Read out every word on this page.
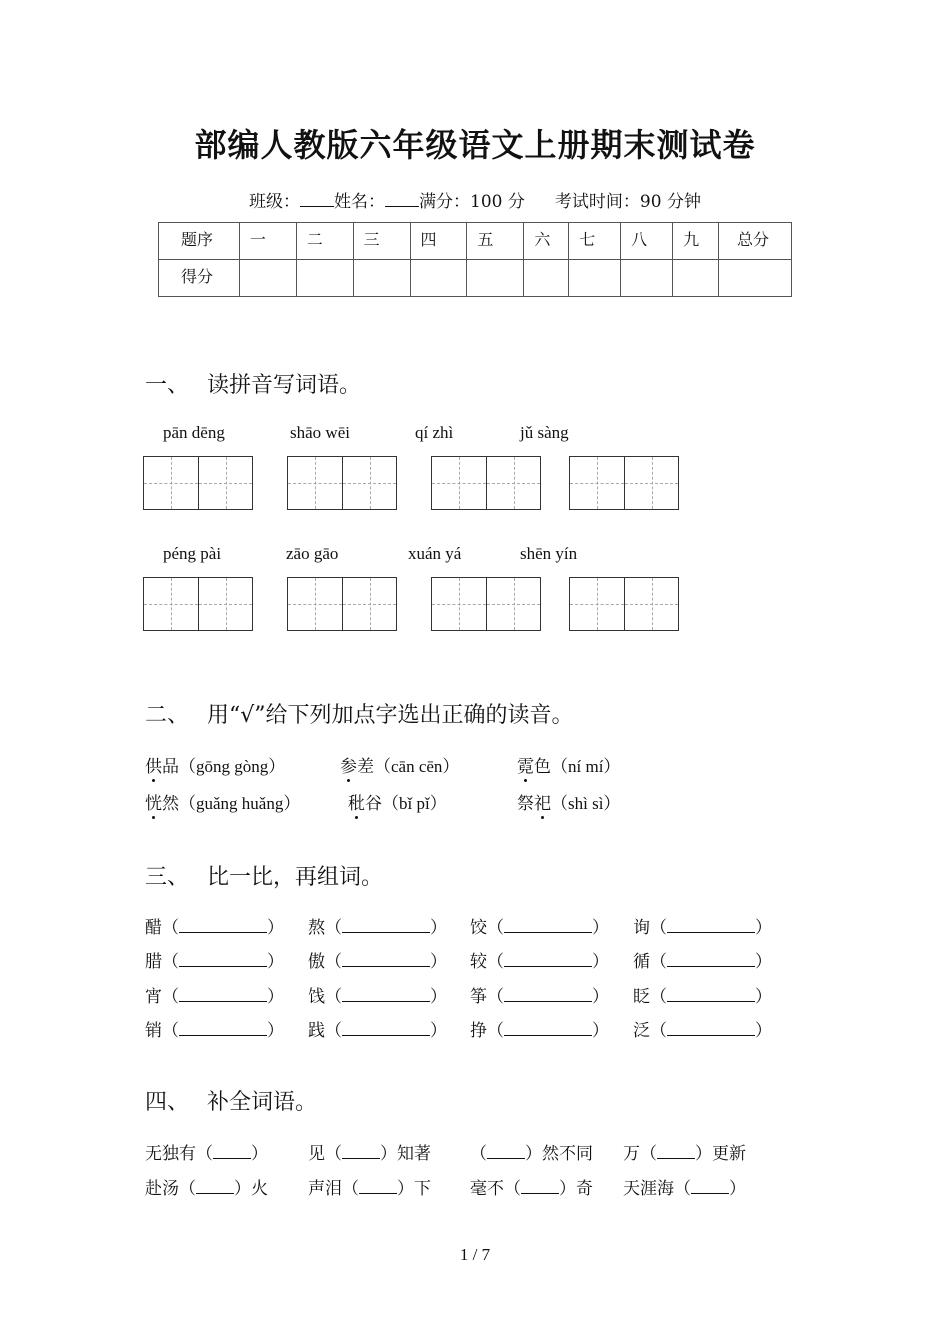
部编人教版六年级语文上册期末测试卷
班级： 姓名： 满分：100 分 考试时间：90 分钟
题序	一	二	三	四	五	六	七	八	九	总分
得分										
一、 读拼音写词语。
pān dēng	shāo wēi	qí zhì	jǔ sàng
péng pài	zāo gāo	xuán yá	shēn yín
二、 用“√”给下列加点字选出正确的读音。
供品（gōng gòng）	参差（cān cēn）	霓色（ní mí）
恍然（guǎng huǎng）	秕谷（bǐ pǐ）	祭祀（shì sì）
三、 比一比，再组词。
醋（	） 熬（	） 饺（	） 询（	）
腊（	） 傲（	） 较（	） 循（	）
宵（	） 饯（	） 筝（	） 眨（	）
销（	） 践（	） 挣（	） 泛（	）
四、 补全词语。
无独有（ ） 见（ ）知著 （ ）然不同 万（ ）更新
赴汤（ ）火 声泪（ ）下 毫不（ ）奇 天涯海（ ）
1 / 7
